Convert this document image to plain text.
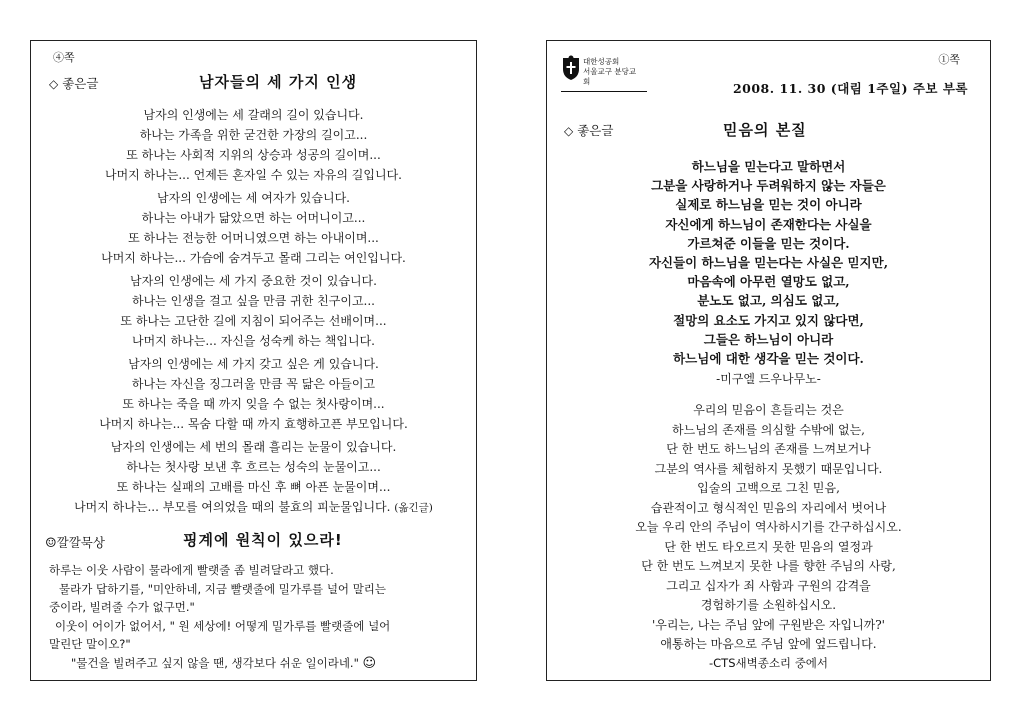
④쪽
◇ 좋은글	남자들의 세 가지 인생

남자의 인생에는 세 갈래의 길이 있습니다.

하나는 가족을 위한 굳건한 가장의 길이고...

또 하나는 사회적 지위의 상승과 성공의 길이며...

나머지 하나는... 언제든 혼자일 수 있는 자유의 길입니다.

남자의 인생에는 세 여자가 있습니다.

하나는 아내가 닮았으면 하는 어머니이고...

또 하나는 전능한 어머니였으면 하는 아내이며...

나머지 하나는... 가슴에 숨겨두고 몰래 그리는 여인입니다.

남자의 인생에는 세 가지 중요한 것이 있습니다.

하나는 인생을 걸고 싶을 만큼 귀한 친구이고...

또 하나는 고단한 길에 지침이 되어주는 선배이며...

나머지 하나는... 자신을 성숙케 하는 책입니다.

남자의 인생에는 세 가지 갖고 싶은 게 있습니다.

하나는 자신을 징그러울 만큼 꼭 닮은 아들이고

또 하나는 죽을 때 까지 잊을 수 없는 첫사랑이며...

나머지 하나는... 목숨 다할 때 까지 효행하고픈 부모입니다.

남자의 인생에는 세 번의 몰래 흘리는 눈물이 있습니다.

하나는 첫사랑 보낸 후 흐르는 성숙의 눈물이고...

또 하나는 실패의 고배를 마신 후 뼈 아픈 눈물이며...

나머지 하나는... 부모를 여의었을 때의 불효의 피눈물입니다. (옮긴글)

☺깔깔묵상	핑계에 원칙이 있으라!

하루는 이웃 사람이 물라에게 빨랫줄 좀 빌려달라고 했다.

물라가 답하기를, "미안하네, 지금 빨랫줄에 밀가루를 널어 말리는

중이라, 빌려줄 수가 없구먼."

이웃이 어이가 없어서, " 원 세상에! 어떻게 밀가루를 빨랫줄에 널어

말린단 말이오?"

"물건을 빌려주고 싶지 않을 땐, 생각보다 쉬운 일이라네." ☺

대한성공회
서울교구 분당교회
①쪽
2008. 11. 30 (대림 1주일) 주보 부록
◇ 좋은글	믿음의 본질

하느님을 믿는다고 말하면서

그분을 사랑하거나 두려워하지 않는 자들은

실제로 하느님을 믿는 것이 아니라

자신에게 하느님이 존재한다는 사실을

가르쳐준 이들을 믿는 것이다.

자신들이 하느님을 믿는다는 사실은 믿지만,

마음속에 아무런 열망도 없고,

분노도 없고, 의심도 없고,

절망의 요소도 가지고 있지 않다면,

그들은 하느님이 아니라

하느님에 대한 생각을 믿는 것이다.

-미구엘 드우나무노-

우리의 믿음이 흔들리는 것은

하느님의 존재를 의심할 수밖에 없는,

단 한 번도 하느님의 존재를 느껴보거나

그분의 역사를 체험하지 못했기 때문입니다.

입술의 고백으로 그친 믿음,

습관적이고 형식적인 믿음의 자리에서 벗어나

오늘 우리 안의 주님이 역사하시기를 간구하십시오.

단 한 번도 타오르지 못한 믿음의 열정과

단 한 번도 느껴보지 못한 나를 향한 주님의 사랑,

그리고 십자가 죄 사함과 구원의 감격을

경험하기를 소원하십시오.

'우리는, 나는 주님 앞에 구원받은 자입니까?'

애통하는 마음으로 주님 앞에 엎드립니다.

-CTS새벽종소리 중에서
